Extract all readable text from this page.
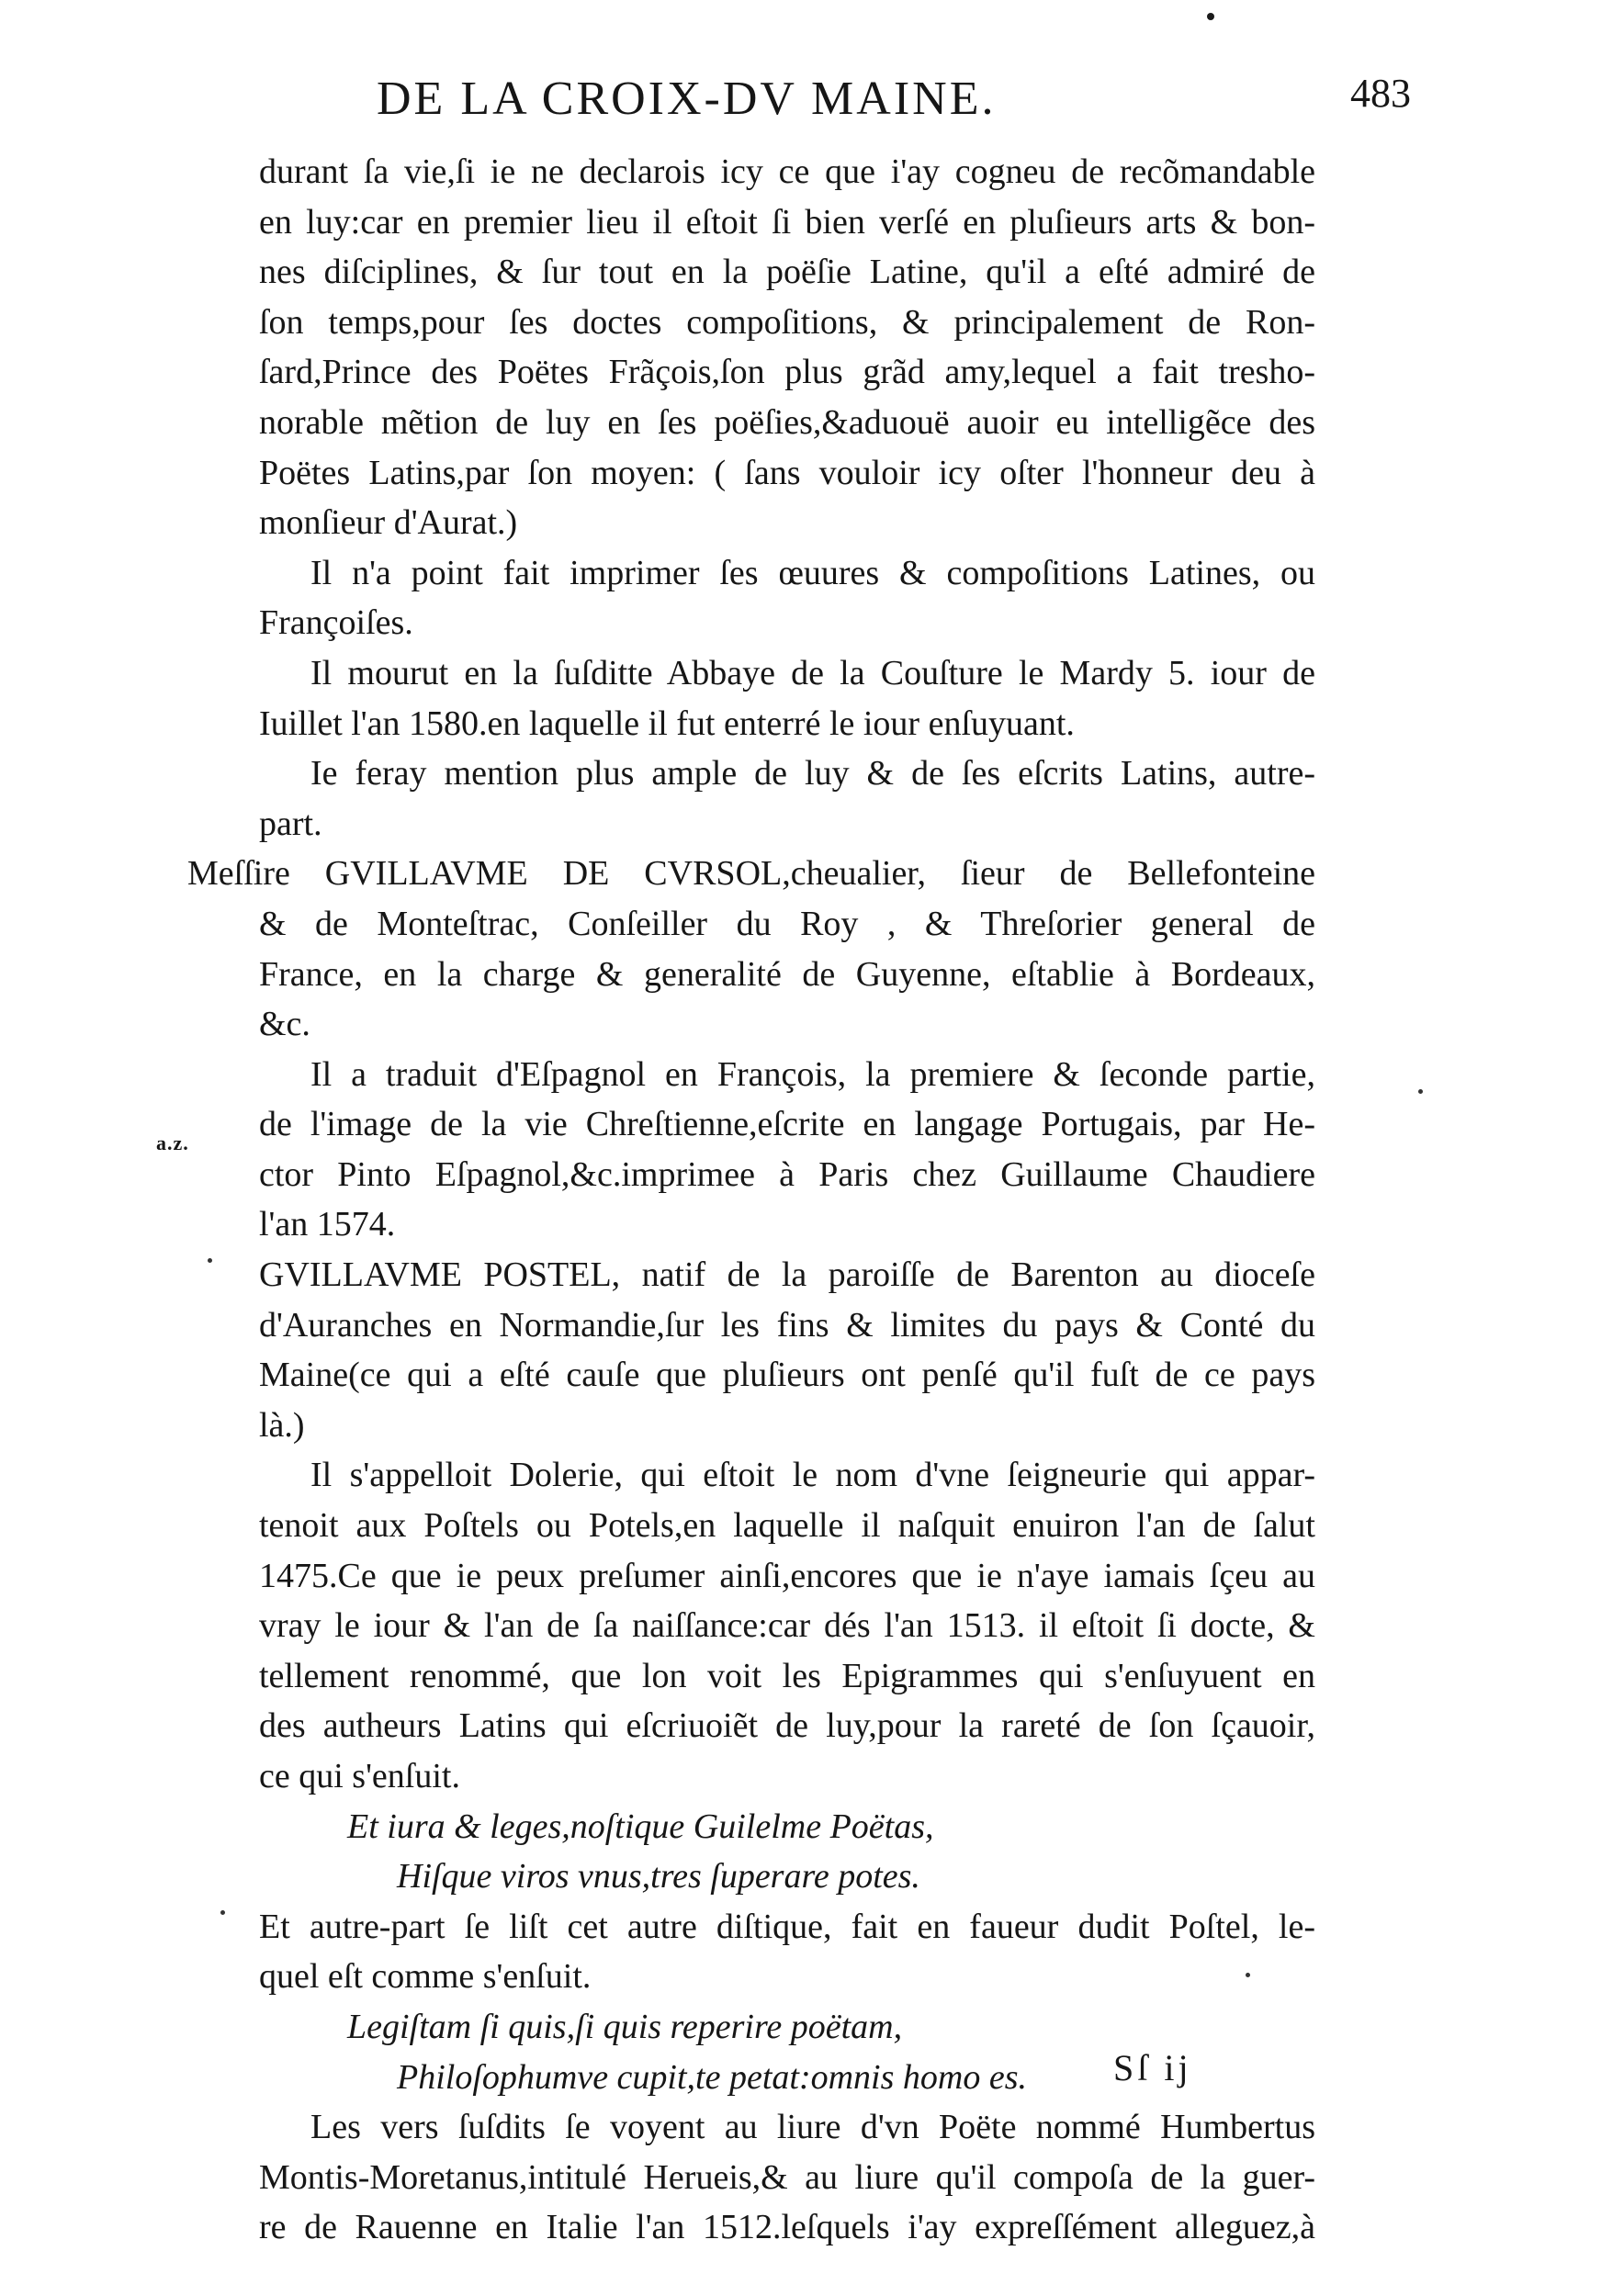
DE LA CROIX-DV MAINE.	483
a.z.
durant ſa vie,ſi ie ne declarois icy ce que i'ay cogneu de recõmandable
en luy:car en premier lieu il eſtoit ſi bien verſé en pluſieurs arts & bon-
nes diſciplines, & ſur tout en la poëſie Latine, qu'il a eſté admiré de
ſon temps,pour ſes doctes compoſitions, & principalement de Ron-
ſard,Prince des Poëtes Frãçois,ſon plus grãd amy,lequel a fait tresho-
norable mẽtion de luy en ſes poëſies,&aduouë auoir eu intelligẽce des
Poëtes Latins,par ſon moyen: ( ſans vouloir icy oſter l'honneur deu à
monſieur d'Aurat.)
Il n'a point fait imprimer ſes œuures & compoſitions Latines, ou
Françoiſes.
Il mourut en la ſuſditte Abbaye de la Couſture le Mardy 5. iour de
Iuillet l'an 1580.en laquelle il fut enterré le iour enſuyuant.
Ie feray mention plus ample de luy & de ſes eſcrits Latins, autre-
part.
Meſſire GVILLAVME DE CVRSOL,cheualier, ſieur de Bellefonteine
& de Monteſtrac, Conſeiller du Roy , & Threſorier general de
France, en la charge & generalité de Guyenne, eſtablie à Bordeaux,
&c.
Il a traduit d'Eſpagnol en François, la premiere & ſeconde partie,
de l'image de la vie Chreſtienne,eſcrite en langage Portugais, par He-
ctor Pinto Eſpagnol,&c.imprimee à Paris chez Guillaume Chaudiere
l'an 1574.
GVILLAVME POSTEL, natif de la paroiſſe de Barenton au dioceſe
d'Auranches en Normandie,ſur les fins & limites du pays & Conté du
Maine(ce qui a eſté cauſe que pluſieurs ont penſé qu'il fuſt de ce pays
là.)
Il s'appelloit Dolerie, qui eſtoit le nom d'vne ſeigneurie qui appar-
tenoit aux Poſtels ou Potels,en laquelle il naſquit enuiron l'an de ſalut
1475.Ce que ie peux preſumer ainſi,encores que ie n'aye iamais ſçeu au
vray le iour & l'an de ſa naiſſance:car dés l'an 1513. il eſtoit ſi docte, &
tellement renommé, que lon voit les Epigrammes qui s'enſuyuent en
des autheurs Latins qui eſcriuoiẽt de luy,pour la rareté de ſon ſçauoir,
ce qui s'enſuit.
Et iura & leges,noſtique Guilelme Poëtas,
Hiſque viros vnus,tres ſuperare potes.
Et autre-part ſe liſt cet autre diſtique, fait en faueur dudit Poſtel, le-
quel eſt comme s'enſuit.
Legiſtam ſi quis,ſi quis reperire poëtam,
Philoſophumve cupit,te petat:omnis homo es.
Les vers ſuſdits ſe voyent au liure d'vn Poëte nommé Humbertus
Montis-Moretanus,intitulé Herueis,& au liure qu'il compoſa de la guer-
re de Rauenne en Italie l'an 1512.leſquels i'ay expreſſément alleguez,à
Sſ ij
